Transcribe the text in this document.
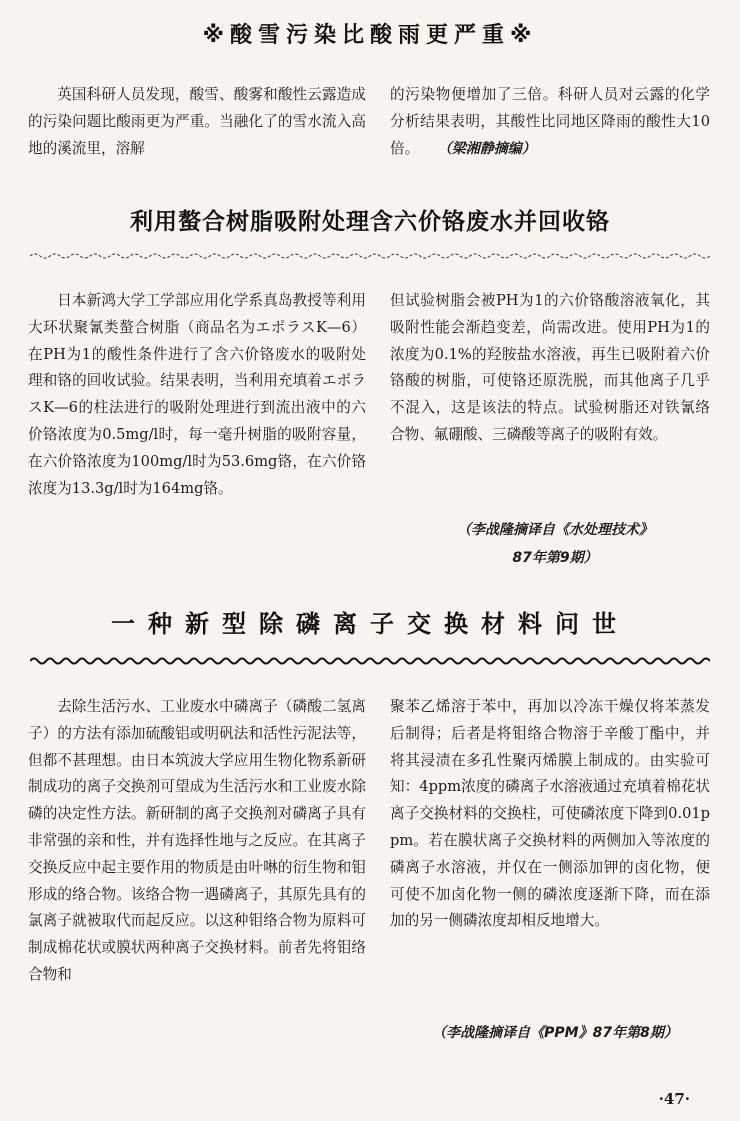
※酸雪污染比酸雨更严重※

英国科研人员发现，酸雪、酸雾和酸性云露造成的污染问题比酸雨更为严重。当融化了的雪水流入高地的溪流里，溶解

的污染物便增加了三倍。科研人员对云露的化学分析结果表明，其酸性比同地区降雨的酸性大10倍。 （梁湘静摘编）

利用螯合树脂吸附处理含六价铬废水并回收铬

日本新鸿大学工学部应用化学系真岛教授等利用大环状聚氰类螯合树脂（商品名为エポラスK—6）在PH为1的酸性条件进行了含六价铬废水的吸附处理和铬的回收试验。结果表明，当利用充填着エポラスK—6的柱法进行的吸附处理进行到流出液中的六价铬浓度为0.5mg/l时，每一毫升树脂的吸附容量，在六价铬浓度为100mg/l时为53.6mg铬，在六价铬浓度为13.3g/l时为164mg铬。

但试验树脂会被PH为1的六价铬酸溶液氧化，其吸附性能会渐趋变差，尚需改进。使用PH为1的浓度为0.1%的羟胺盐水溶液，再生已吸附着六价铬酸的树脂，可使铬还原洗脱，而其他离子几乎不混入，这是该法的特点。试验树脂还对铁氰络合物、氟硼酸、三磷酸等离子的吸附有效。

（李战隆摘译自《水处理技术》
87年第9期）
一种新型除磷离子交换材料问世

去除生活污水、工业废水中磷离子（磷酸二氢离子）的方法有添加硫酸铝或明矾法和活性污泥法等，但都不甚理想。由日本筑波大学应用生物化物系新研制成功的离子交换剂可望成为生活污水和工业废水除磷的决定性方法。新研制的离子交换剂对磷离子具有非常强的亲和性，并有选择性地与之反应。在其离子交换反应中起主要作用的物质是由叶啉的衍生物和钼形成的络合物。该络合物一遇磷离子，其原先具有的氯离子就被取代而起反应。以这种钼络合物为原料可制成棉花状或膜状两种离子交换材料。前者先将钼络合物和

聚苯乙烯溶于苯中，再加以冷冻干燥仅将苯蒸发后制得；后者是将钼络合物溶于辛酸丁酯中，并将其浸渍在多孔性聚丙烯膜上制成的。由实验可知：4ppm浓度的磷离子水溶液通过充填着棉花状离子交换材料的交换柱，可使磷浓度下降到0.01ppm。若在膜状离子交换材料的两侧加入等浓度的磷离子水溶液，并仅在一侧添加钾的卤化物，便可使不加卤化物一侧的磷浓度逐渐下降，而在添加的另一侧磷浓度却相反地增大。

（李战隆摘译自《PPM》87年第8期）
·47·
